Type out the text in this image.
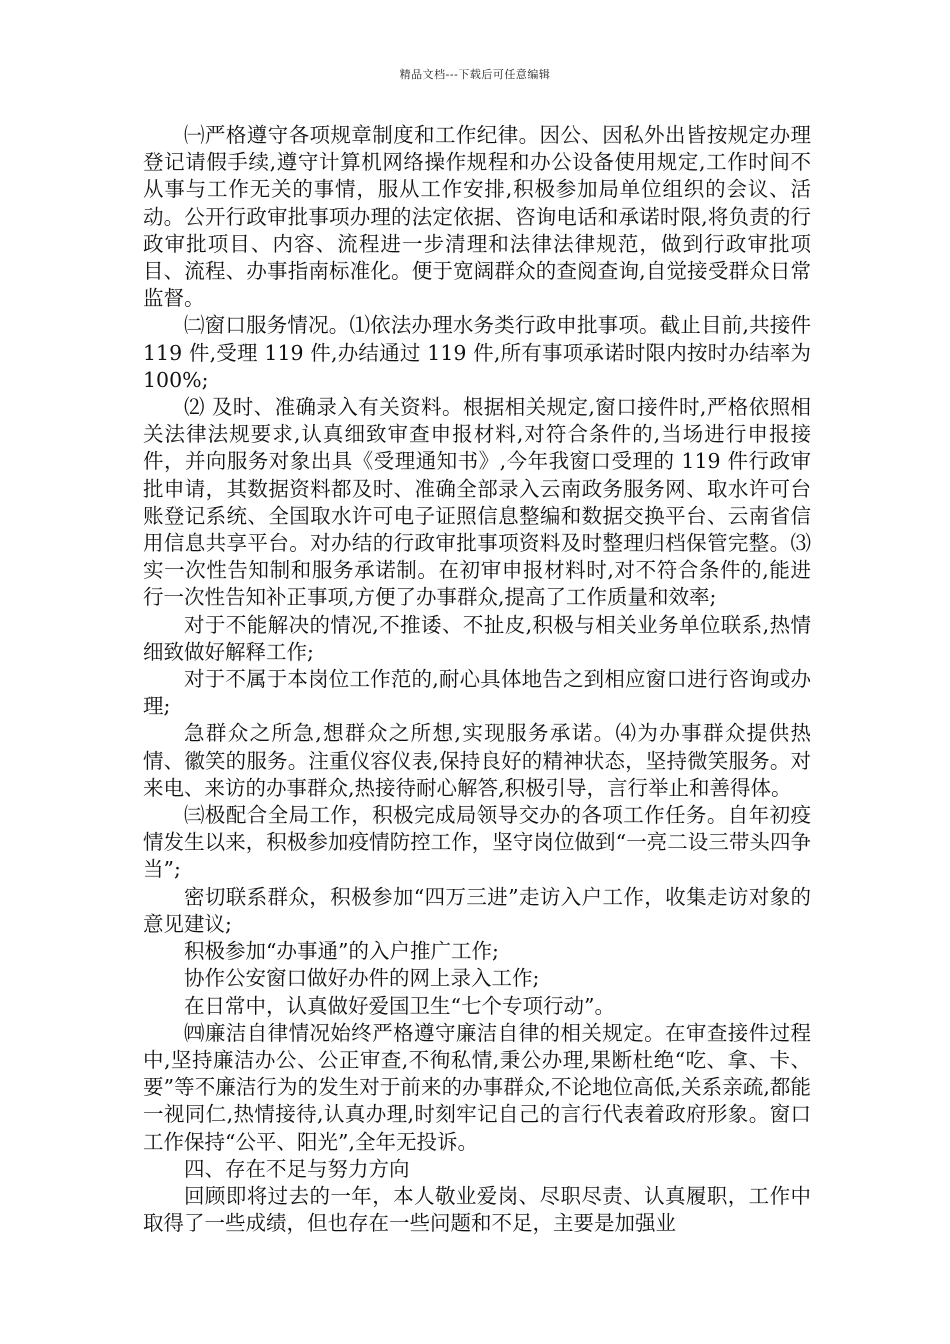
精品文档---下载后可任意编辑

㈠严格遵守各项规章制度和工作纪律。因公、因私外出皆按规定办理登记请假手续,遵守计算机网络操作规程和办公设备使用规定,工作时间不从事与工作无关的事情，服从工作安排,积极参加局单位组织的会议、活动。公开行政审批事项办理的法定依据、咨询电话和承诺时限,将负责的行政审批项目、内容、流程进一步清理和法律法律规范，做到行政审批项目、流程、办事指南标准化。便于宽阔群众的查阅查询,自觉接受群众日常监督。

㈡窗口服务情况。⑴依法办理水务类行政申批事项。截止目前,共接件 119 件,受理 119 件,办结通过 119 件,所有事项承诺时限内按时办结率为 100%;

⑵ 及时、准确录入有关资料。根据相关规定,窗口接件时,严格依照相关法律法规要求,认真细致审查申报材料,对符合条件的,当场进行申报接件，并向服务对象出具《受理通知书》,今年我窗口受理的 119 件行政审批申请，其数据资料都及时、准确全部录入云南政务服务网、取水许可台账登记系统、全国取水许可电子证照信息整编和数据交换平台、云南省信用信息共享平台。对办结的行政审批事项资料及时整理归档保管完整。⑶实一次性告知制和服务承诺制。在初审申报材料时,对不符合条件的,能进行一次性告知补正事项,方便了办事群众,提高了工作质量和效率;

对于不能解决的情况,不推诿、不扯皮,积极与相关业务单位联系,热情细致做好解释工作;

对于不属于本岗位工作范的,耐心具体地告之到相应窗口进行咨询或办理;

急群众之所急,想群众之所想,实现服务承诺。⑷为办事群众提供热情、徽笑的服务。注重仪容仪表,保持良好的精神状态，坚持微笑服务。对来电、来访的办事群众,热接待耐心解答,积极引导，言行举止和善得体。

㈢极配合全局工作，积极完成局领导交办的各项工作任务。自年初疫情发生以来，积极参加疫情防控工作，坚守岗位做到“一亮二设三带头四争当”;

密切联系群众，积极参加“四万三进”走访入户工作，收集走访对象的意见建议;

积极参加“办事通”的入户推广工作;

协作公安窗口做好办件的网上录入工作;

在日常中，认真做好爱国卫生“七个专项行动”。

㈣廉洁自律情况始终严格遵守廉洁自律的相关规定。在审查接件过程中,坚持廉洁办公、公正审查,不徇私情,秉公办理,果断杜绝“吃、拿、卡、要”等不廉洁行为的发生对于前来的办事群众,不论地位高低,关系亲疏,都能一视同仁,热情接待,认真办理,时刻牢记自己的言行代表着政府形象。窗口工作保持“公平、阳光”,全年无投诉。

四、存在不足与努力方向

回顾即将过去的一年，本人敬业爱岗、尽职尽责、认真履职，工作中取得了一些成绩，但也存在一些问题和不足，主要是加强业
